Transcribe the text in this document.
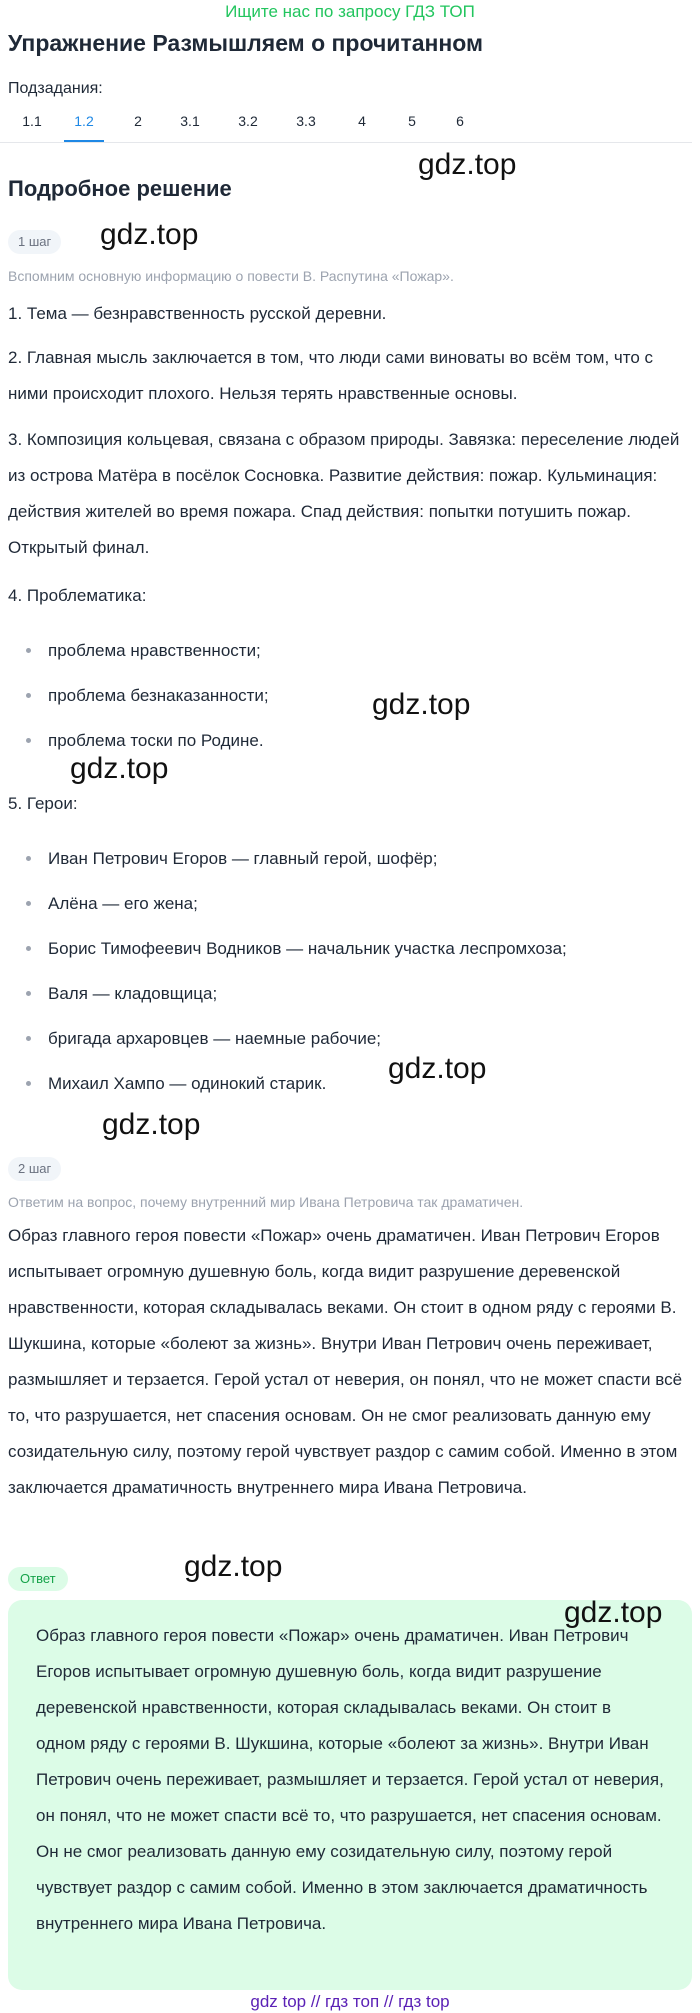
Ищите нас по запросу ГДЗ ТОП
Упражнение Размышляем о прочитанном
Подзадания:
1.1	1.2	2	3.1	3.2	3.3	4	5	6
gdz.top
Подробное решение
1 шаг	gdz.top
Вспомним основную информацию о повести В. Распутина «Пожар».
1. Тема — безнравственность русской деревни.
2. Главная мысль заключается в том, что люди сами виноваты во всём том, что с ними происходит плохого. Нельзя терять нравственные основы.
3. Композиция кольцевая, связана с образом природы. Завязка: переселение людей из острова Матёра в посёлок Сосновка. Развитие действия: пожар. Кульминация: действия жителей во время пожара. Спад действия: попытки потушить пожар. Открытый финал.
4. Проблематика:
проблема нравственности;
проблема безнаказанности;
проблема тоски по Родине.
gdz.top
gdz.top
5. Герои:
Иван Петрович Егоров — главный герой, шофёр;
Алёна — его жена;
Борис Тимофеевич Водников — начальник участка леспромхоза;
Валя — кладовщица;
бригада архаровцев — наемные рабочие;
Михаил Хампо — одинокий старик.	gdz.top
gdz.top
2 шаг
Ответим на вопрос, почему внутренний мир Ивана Петровича так драматичен.
Образ главного героя повести «Пожар» очень драматичен. Иван Петрович Егоров испытывает огромную душевную боль, когда видит разрушение деревенской нравственности, которая складывалась веками. Он стоит в одном ряду с героями В. Шукшина, которые «болеют за жизнь». Внутри Иван Петрович очень переживает, размышляет и терзается. Герой устал от неверия, он понял, что не может спасти всё то, что разрушается, нет спасения основам. Он не смог реализовать данную ему созидательную силу, поэтому герой чувствует раздор с самим собой. Именно в этом заключается драматичность внутреннего мира Ивана Петровича.
gdz.top
Ответ
Образ главного героя повести «Пожар» очень драматичен. Иван Петрович Егоров испытывает огромную душевную боль, когда видит разрушение деревенской нравственности, которая складывалась веками. Он стоит в одном ряду с героями В. Шукшина, которые «болеют за жизнь». Внутри Иван Петрович очень переживает, размышляет и терзается. Герой устал от неверия, он понял, что не может спасти всё то, что разрушается, нет спасения основам. Он не смог реализовать данную ему созидательную силу, поэтому герой чувствует раздор с самим собой. Именно в этом заключается драматичность внутреннего мира Ивана Петровича.
gdz.top
gdz top // гдз топ // гдз top
